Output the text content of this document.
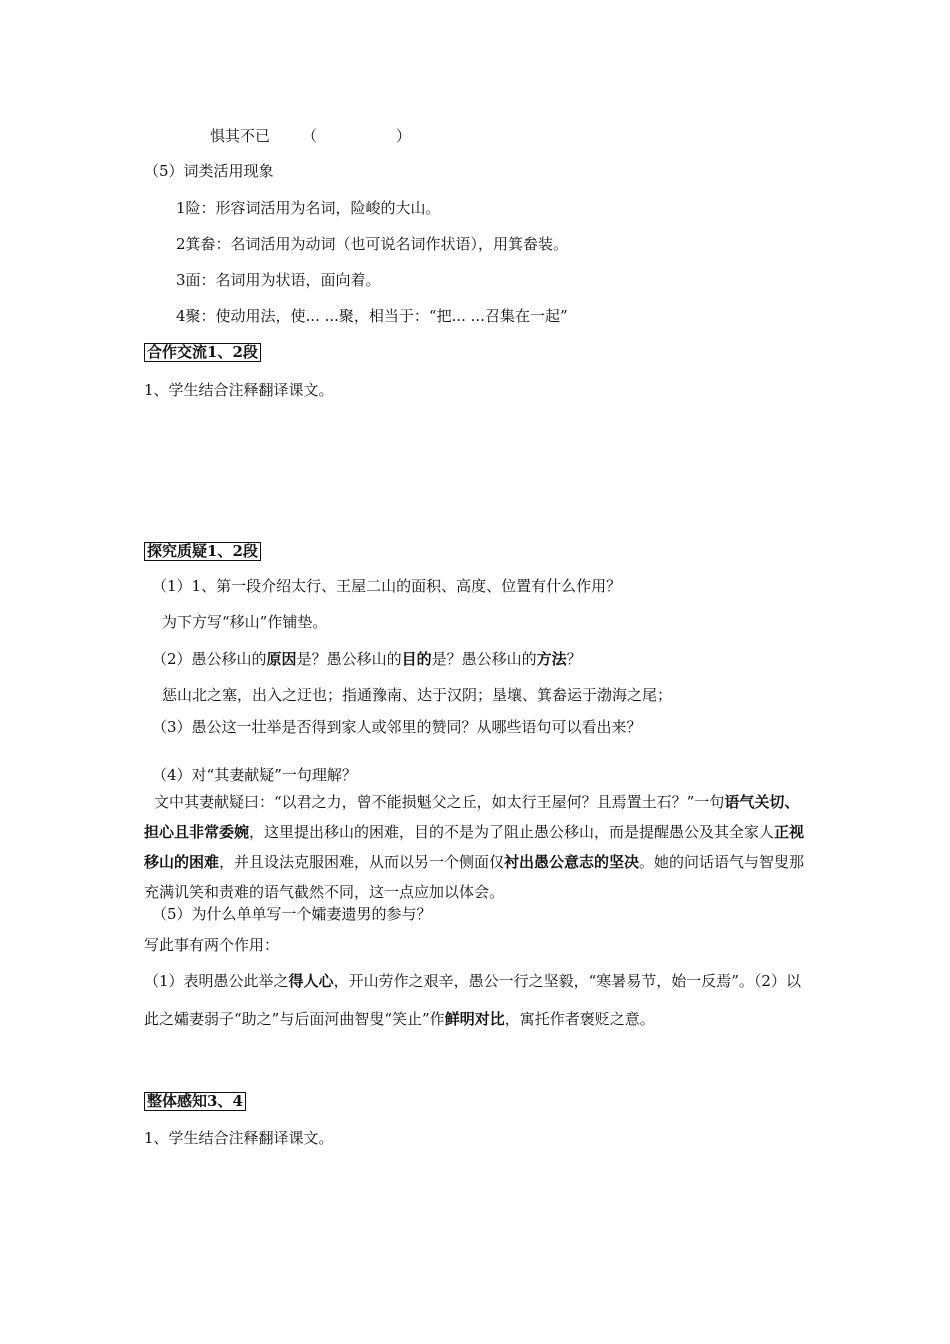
惧其不已 （	）
（5）词类活用现象
1险：形容词活用为名词，险峻的大山。
2箕畚：名词活用为动词（也可说名词作状语），用箕畚装。
3面：名词用为状语，面向着。
4聚：使动用法，使... ...聚，相当于：“把... ...召集在一起”
合作交流1、2段
1、学生结合注释翻译课文。
探究质疑1、2段
（1）1、第一段介绍太行、王屋二山的面积、高度、位置有什么作用？
为下方写“移山”作铺垫。
（2）愚公移山的原因是？愚公移山的目的是？愚公移山的方法？
惩山北之塞，出入之迂也；指通豫南、达于汉阴；垦壤、箕畚运于渤海之尾；
（3）愚公这一壮举是否得到家人或邻里的赞同？从哪些语句可以看出来？
（4）对“其妻献疑”一句理解？
文中其妻献疑曰：“以君之力，曾不能损魁父之丘，如太行王屋何？且焉置土石？”一句语气关切、担心且非常委婉，这里提出移山的困难，目的不是为了阻止愚公移山，而是提醒愚公及其全家人正视移山的困难，并且设法克服困难，从而以另一个侧面仅衬出愚公意志的坚决。她的问话语气与智叟那充满讥笑和责难的语气截然不同，这一点应加以体会。
（5）为什么单单写一个孀妻遗男的参与？
写此事有两个作用：
（1）表明愚公此举之得人心，开山劳作之艰辛，愚公一行之坚毅，“寒暑易节，始一反焉”。（2）以此之孀妻弱子“助之”与后面河曲智叟“笑止”作鲜明对比，寓托作者褒贬之意。
整体感知3、4
1、学生结合注释翻译课文。
